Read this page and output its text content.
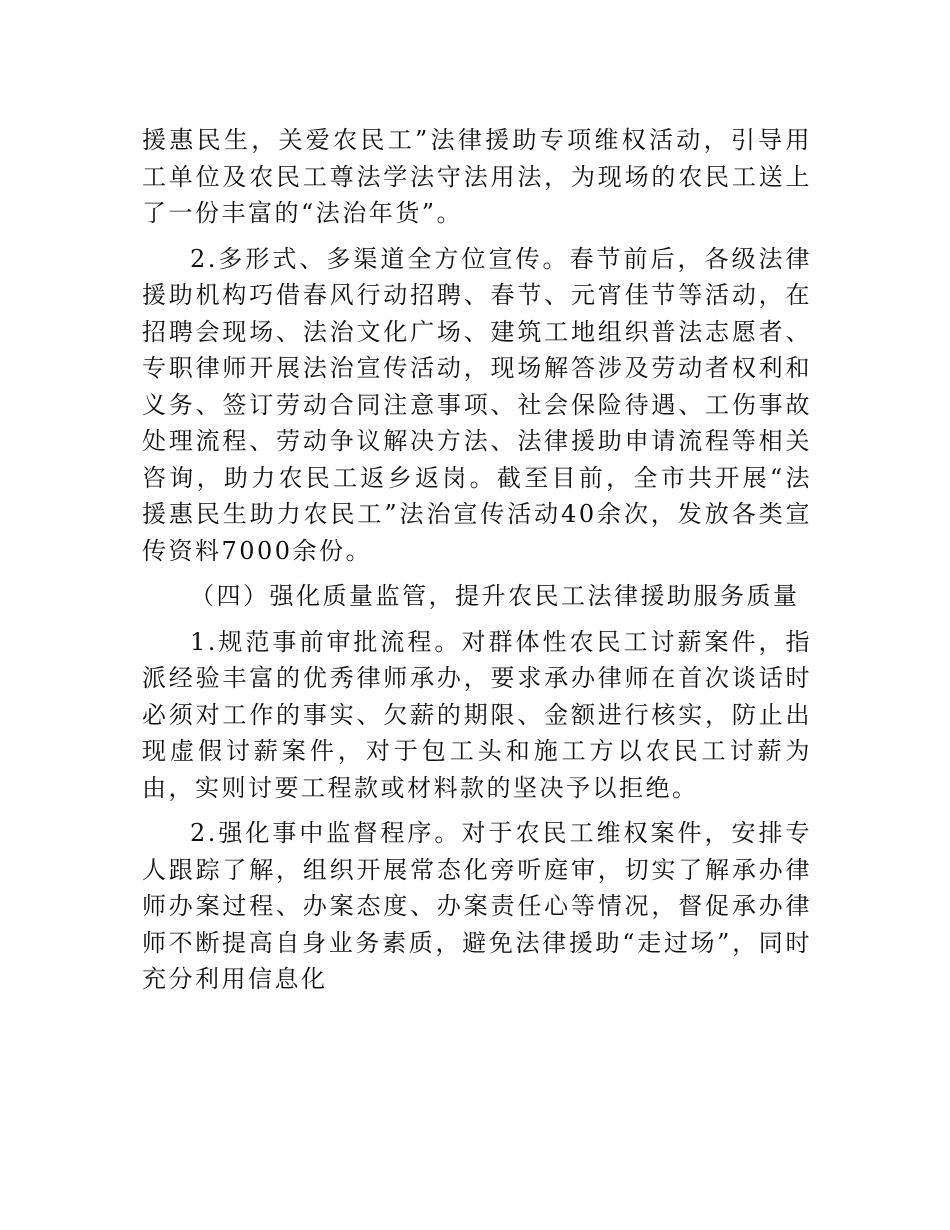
援惠民生，关爱农民工”法律援助专项维权活动，引导用工单位及农民工尊法学法守法用法，为现场的农民工送上了一份丰富的“法治年货”。

2.多形式、多渠道全方位宣传。春节前后，各级法律援助机构巧借春风行动招聘、春节、元宵佳节等活动，在招聘会现场、法治文化广场、建筑工地组织普法志愿者、专职律师开展法治宣传活动，现场解答涉及劳动者权利和义务、签订劳动合同注意事项、社会保险待遇、工伤事故处理流程、劳动争议解决方法、法律援助申请流程等相关咨询，助力农民工返乡返岗。截至目前，全市共开展“法援惠民生助力农民工”法治宣传活动40余次，发放各类宣传资料7000余份。

（四）强化质量监管，提升农民工法律援助服务质量

1.规范事前审批流程。对群体性农民工讨薪案件，指派经验丰富的优秀律师承办，要求承办律师在首次谈话时必须对工作的事实、欠薪的期限、金额进行核实，防止出现虚假讨薪案件，对于包工头和施工方以农民工讨薪为由，实则讨要工程款或材料款的坚决予以拒绝。

2.强化事中监督程序。对于农民工维权案件，安排专人跟踪了解，组织开展常态化旁听庭审，切实了解承办律师办案过程、办案态度、办案责任心等情况，督促承办律师不断提高自身业务素质，避免法律援助“走过场”，同时充分利用信息化
